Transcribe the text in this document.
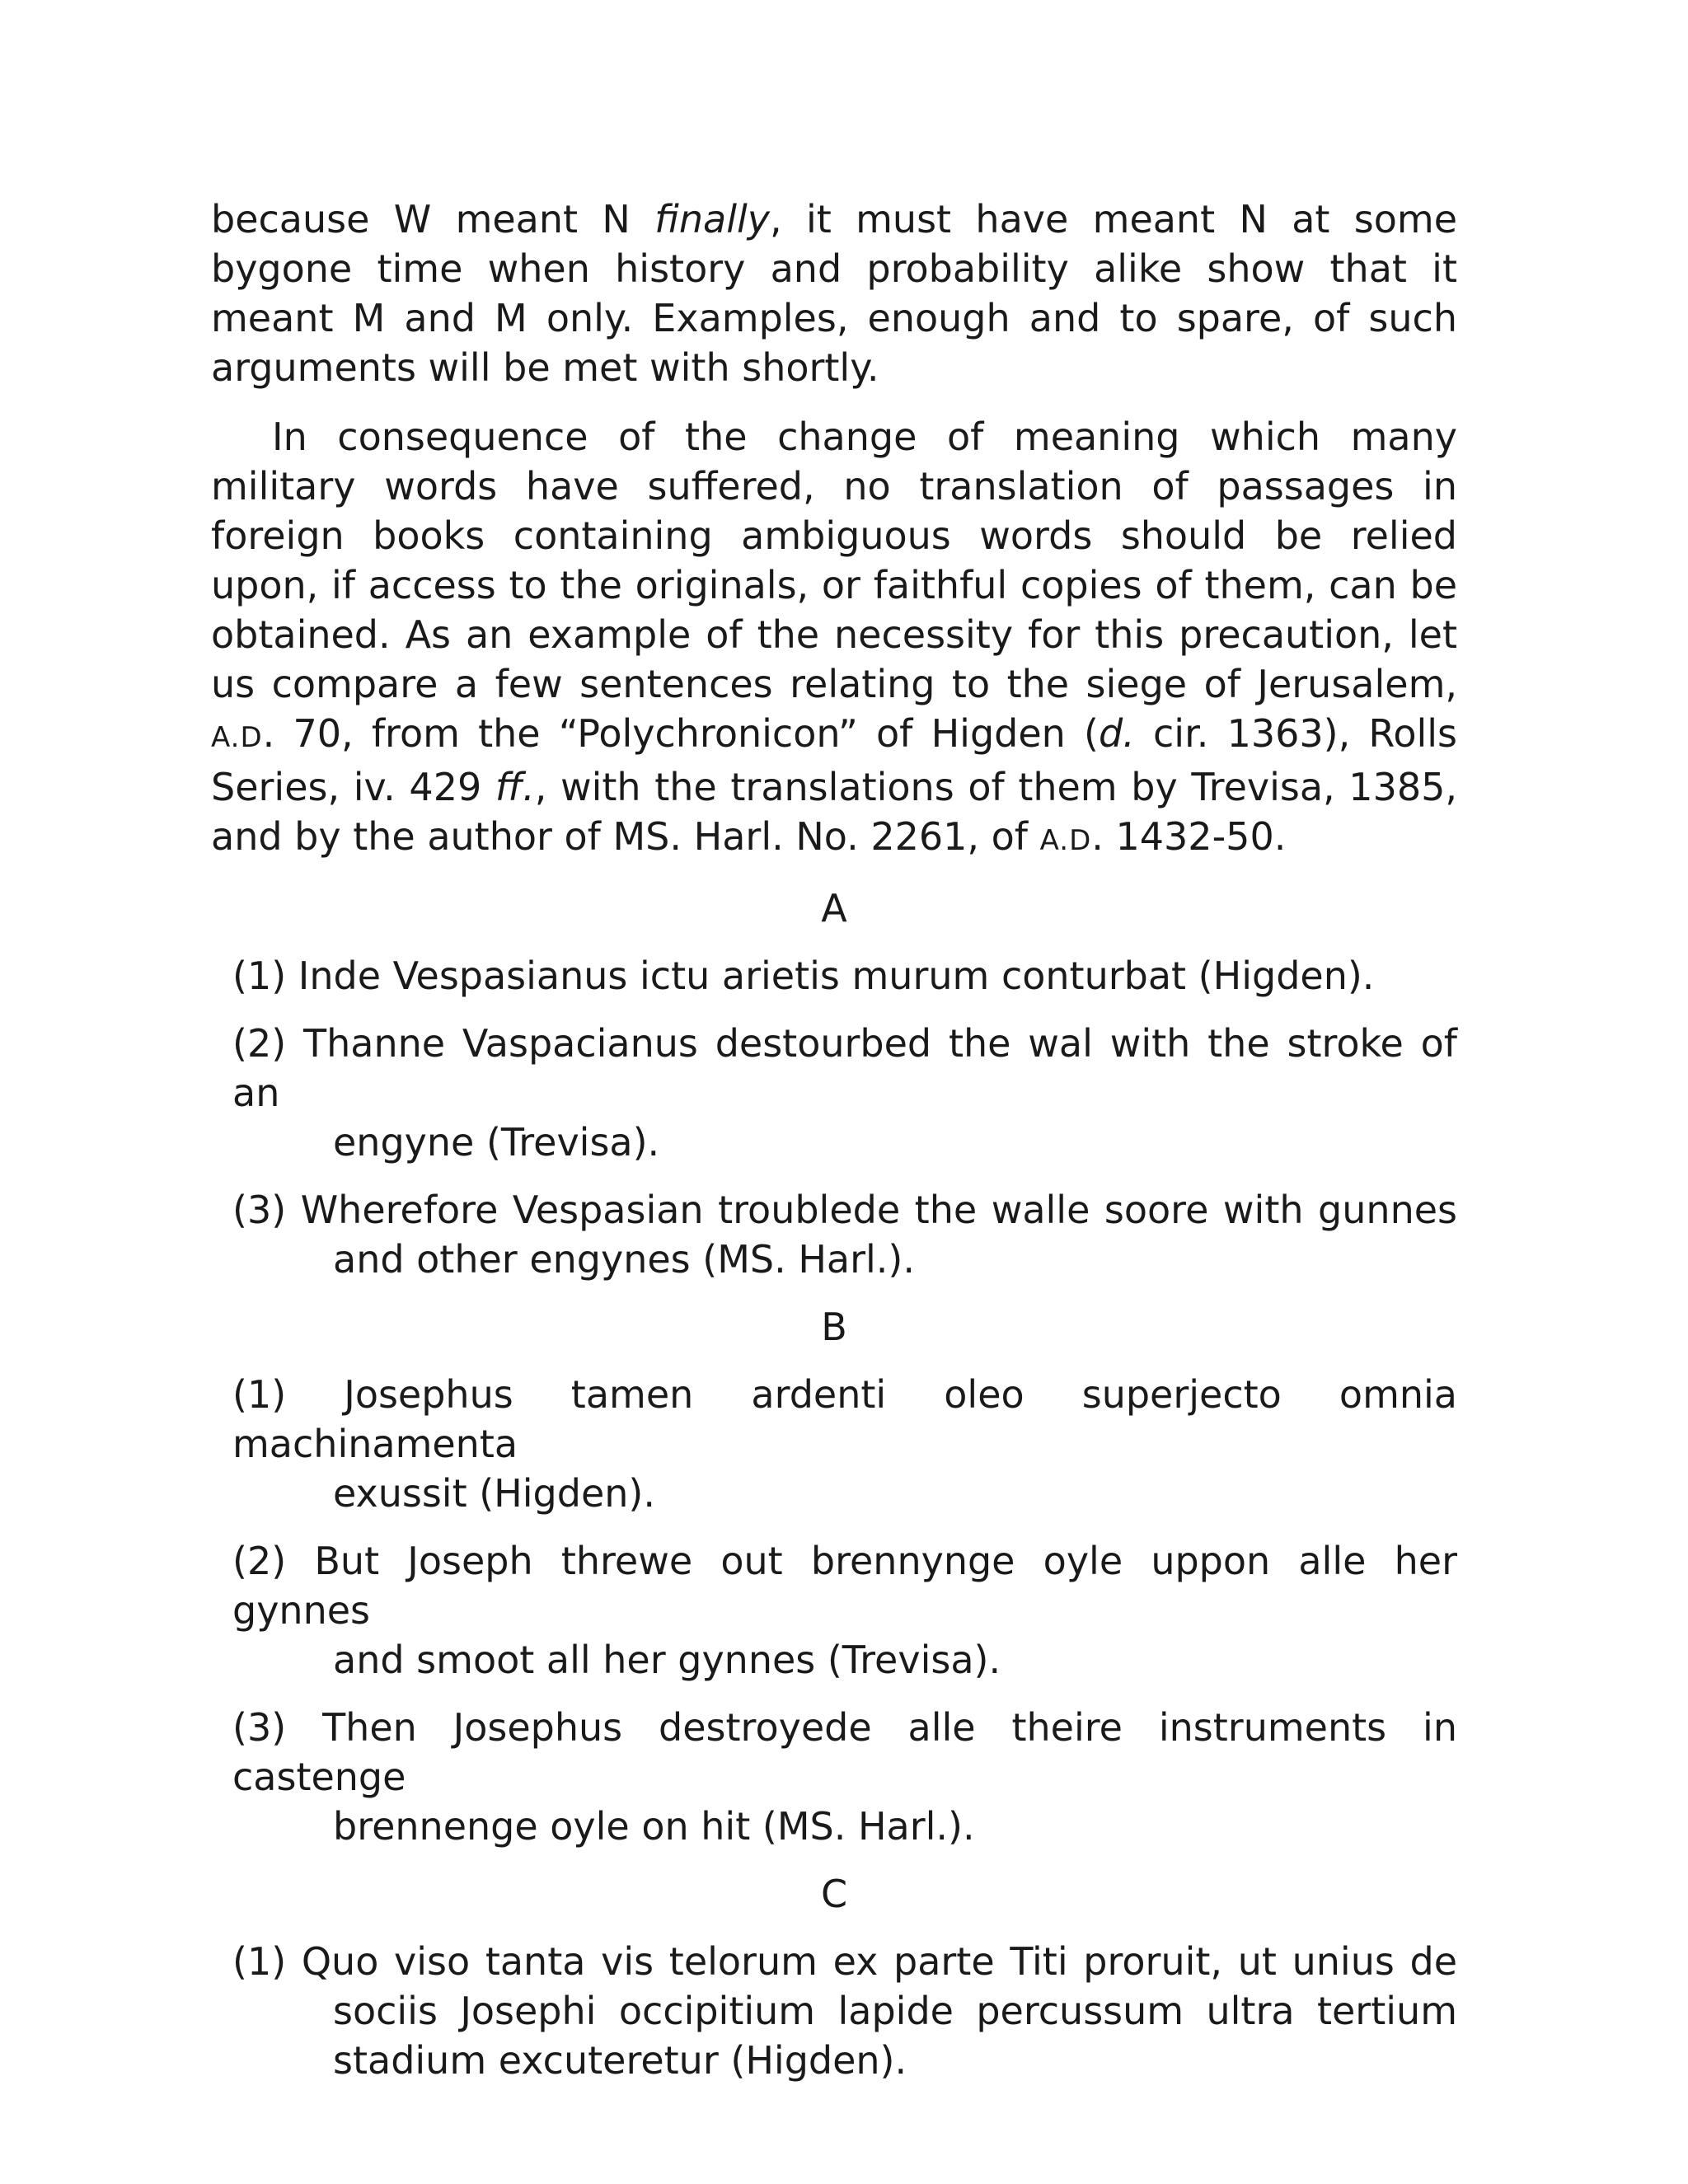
because W meant N finally, it must have meant N at some bygone time when history and probability alike show that it meant M and M only. Examples, enough and to spare, of such arguments will be met with shortly.

In consequence of the change of meaning which many military words have suffered, no translation of passages in foreign books containing ambiguous words should be relied upon, if access to the originals, or faithful copies of them, can be obtained. As an example of the necessity for this precaution, let us compare a few sentences relating to the siege of Jerusalem, A.D. 70, from the “Polychronicon” of Higden (d. cir. 1363), Rolls Series, iv. 429 ff., with the translations of them by Trevisa, 1385, and by the author of MS. Harl. No. 2261, of A.D. 1432-50.

A
(1) Inde Vespasianus ictu arietis murum conturbat (Higden).
(2) Thanne Vaspacianus destourbed the wal with the stroke of an
engyne (Trevisa).
(3) Wherefore Vespasian troublede the walle soore with gunnes
and other engynes (MS. Harl.).
B
(1) Josephus tamen ardenti oleo superjecto omnia machinamenta
exussit (Higden).
(2) But Joseph threwe out brennynge oyle uppon alle her gynnes
and smoot all her gynnes (Trevisa).
(3) Then Josephus destroyede alle theire instruments in castenge
brennenge oyle on hit (MS. Harl.).
C
(1) Quo viso tanta vis telorum ex parte Titi proruit, ut unius de
sociis Josephi occipitium lapide percussum ultra tertium
stadium excuteretur (Higden).
